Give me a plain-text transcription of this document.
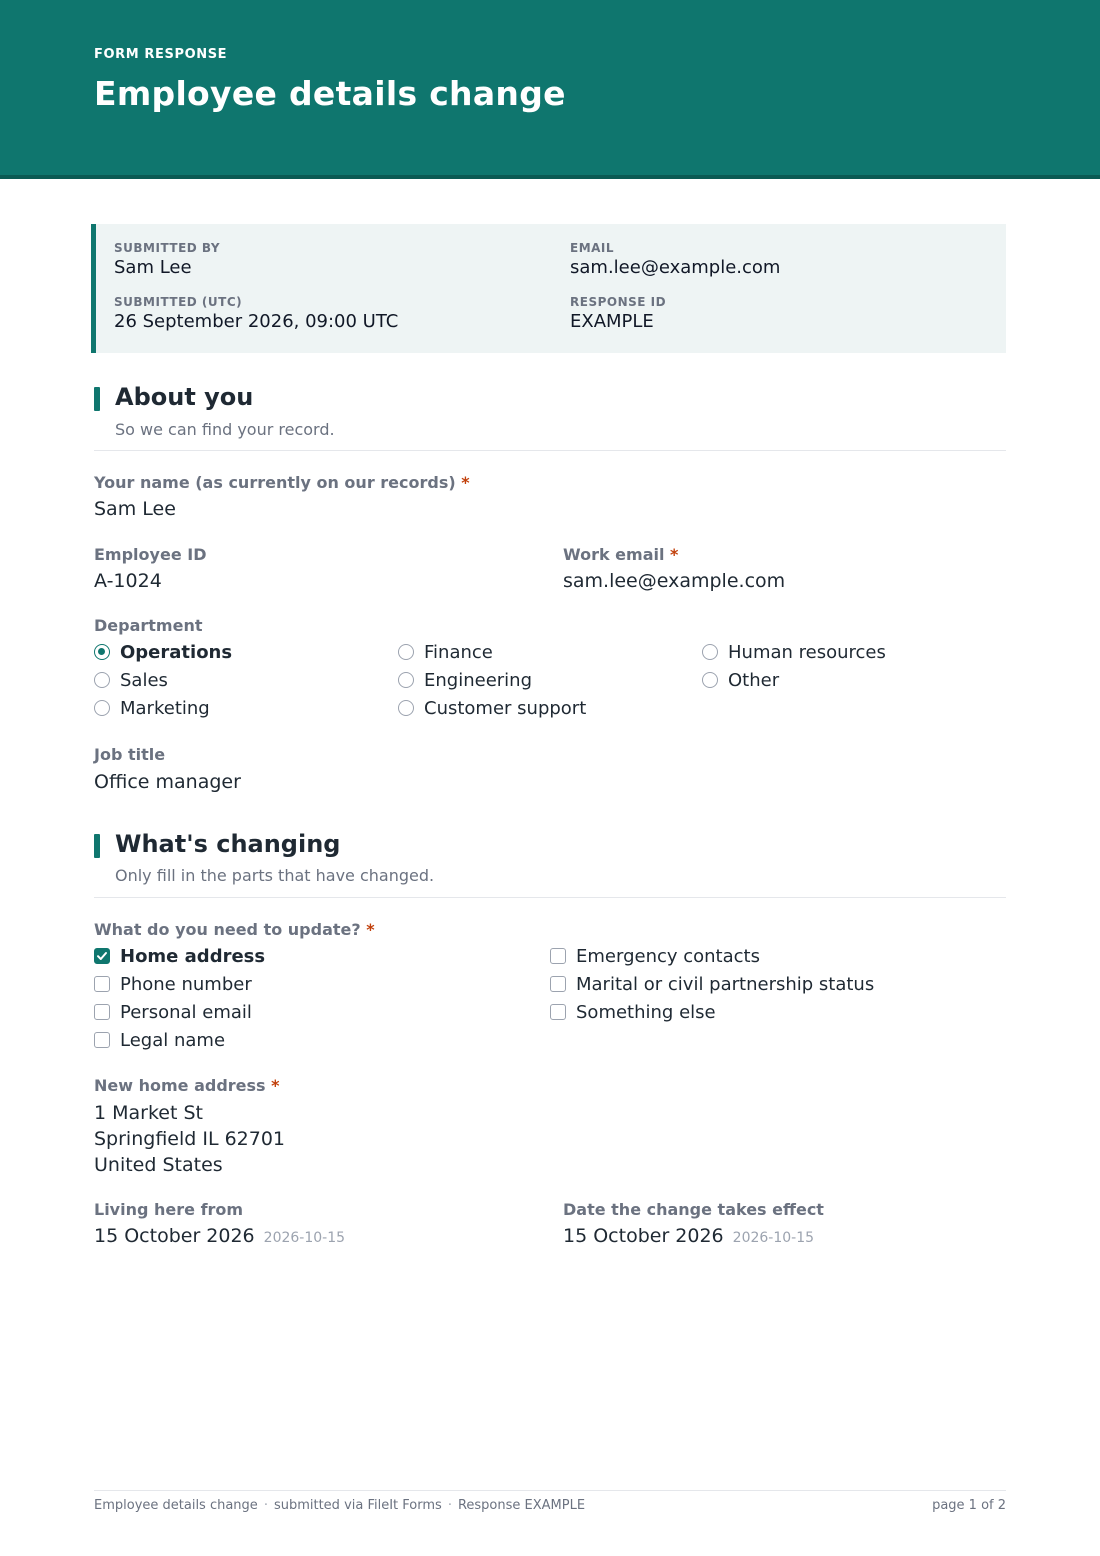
FORM RESPONSE
Employee details change
SUBMITTED BY
Sam Lee
EMAIL
sam.lee@example.com
SUBMITTED (UTC)
26 September 2026, 09:00 UTC
RESPONSE ID
EXAMPLE
About you
So we can find your record.
Your name (as currently on our records) *
Sam Lee
Employee ID
A-1024
Work email *
sam.lee@example.com
Department
Operations
Sales
Marketing
Finance
Engineering
Customer support
Human resources
Other
Job title
Office manager
What's changing
Only fill in the parts that have changed.
What do you need to update? *
Home address
Phone number
Personal email
Legal name
Emergency contacts
Marital or civil partnership status
Something else
New home address *
1 Market St
Springfield IL 62701
United States
Living here from
15 October 2026 2026-10-15
Date the change takes effect
15 October 2026 2026-10-15
Employee details change · submitted via FileIt Forms · Response EXAMPLE	page 1 of 2
